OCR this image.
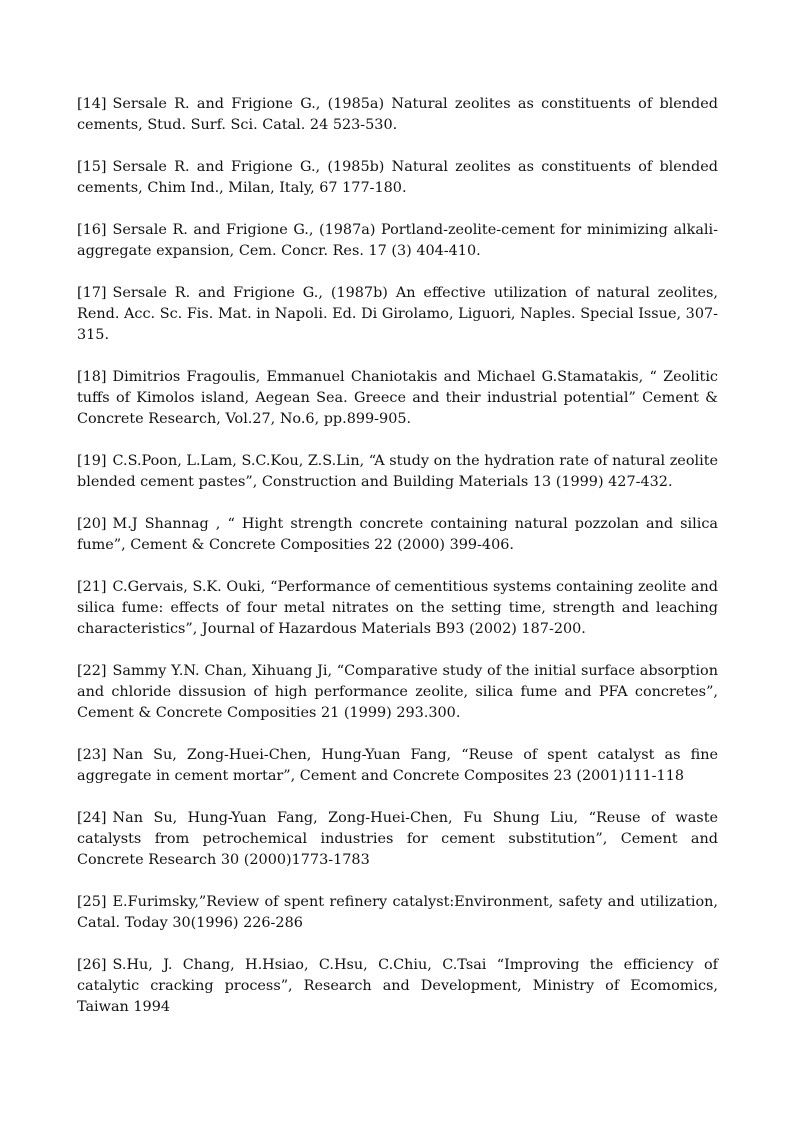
[14] Sersale R. and Frigione G., (1985a) Natural zeolites as constituents of blended cements, Stud. Surf. Sci. Catal. 24 523-530.

[15] Sersale R. and Frigione G., (1985b) Natural zeolites as constituents of blended cements, Chim Ind., Milan, Italy, 67 177-180.

[16] Sersale R. and Frigione G., (1987a) Portland-zeolite-cement for minimizing alkali-aggregate expansion, Cem. Concr. Res. 17 (3) 404-410.

[17] Sersale R. and Frigione G., (1987b) An effective utilization of natural zeolites, Rend. Acc. Sc. Fis. Mat. in Napoli. Ed. Di Girolamo, Liguori, Naples. Special Issue, 307-315.

[18] Dimitrios Fragoulis, Emmanuel Chaniotakis and Michael G.Stamatakis, “ Zeolitic tuffs of Kimolos island, Aegean Sea. Greece and their industrial potential” Cement & Concrete Research, Vol.27, No.6, pp.899-905.

[19] C.S.Poon, L.Lam, S.C.Kou, Z.S.Lin, “A study on the hydration rate of natural zeolite blended cement pastes”, Construction and Building Materials 13 (1999) 427-432.

[20] M.J Shannag , “ Hight strength concrete containing natural pozzolan and silica fume”, Cement & Concrete Composities 22 (2000) 399-406.

[21] C.Gervais, S.K. Ouki, “Performance of cementitious systems containing zeolite and silica fume: effects of four metal nitrates on the setting time, strength and leaching characteristics”, Journal of Hazardous Materials B93 (2002) 187-200.

[22] Sammy Y.N. Chan, Xihuang Ji, “Comparative study of the initial surface absorption and chloride dissusion of high performance zeolite, silica fume and PFA concretes”, Cement & Concrete Composities 21 (1999) 293.300.

[23] Nan Su, Zong-Huei-Chen, Hung-Yuan Fang, “Reuse of spent catalyst as fine aggregate in cement mortar”, Cement and Concrete Composites 23 (2001)111-118

[24] Nan Su, Hung-Yuan Fang, Zong-Huei-Chen, Fu Shung Liu, “Reuse of waste catalysts from petrochemical industries for cement substitution”, Cement and Concrete Research 30 (2000)1773-1783

[25] E.Furimsky,”Review of spent refinery catalyst:Environment, safety and utilization, Catal. Today 30(1996) 226-286

[26] S.Hu, J. Chang, H.Hsiao, C.Hsu, C.Chiu, C.Tsai “Improving the efficiency of catalytic cracking process”, Research and Development, Ministry of Ecomomics, Taiwan 1994
